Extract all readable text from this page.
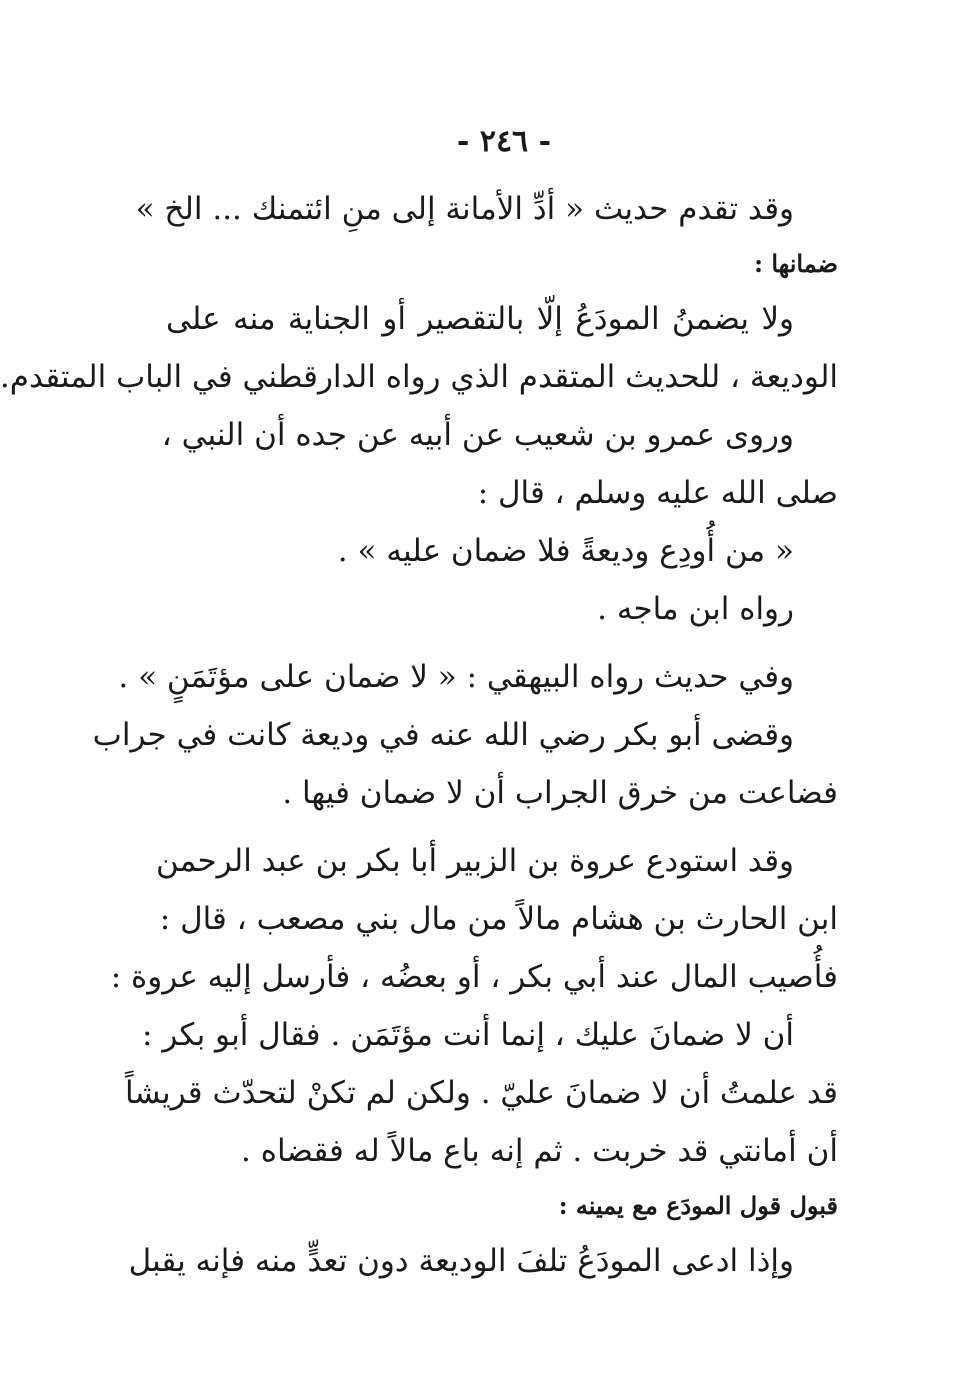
- ٢٤٦ -
وقد تقدم حديث « أدِّ الأمانة إلى منِ ائتمنك ... الخ »
ضمانها :
ولا يضمنُ المودَعُ إلّا بالتقصير أو الجناية منه على
الوديعة ، للحديث المتقدم الذي رواه الدارقطني في الباب المتقدم.
وروى عمرو بن شعيب عن أبيه عن جده أن النبي ،
صلى الله عليه وسلم ، قال :
« من أُودِع وديعةً فلا ضمان عليه » .
رواه ابن ماجه .
وفي حديث رواه البيهقي : « لا ضمان على مؤتَمَنٍ » .
وقضى أبو بكر رضي الله عنه في وديعة كانت في جراب
فضاعت من خرق الجراب أن لا ضمان فيها .
وقد استودع عروة بن الزبير أبا بكر بن عبد الرحمن
ابن الحارث بن هشام مالاً من مال بني مصعب ، قال :
فأُصيب المال عند أبي بكر ، أو بعضُه ، فأرسل إليه عروة :
أن لا ضمانَ عليك ، إنما أنت مؤتَمَن . فقال أبو بكر :
قد علمتُ أن لا ضمانَ عليّ . ولكن لم تكنْ لتحدّث قريشاً
أن أمانتي قد خربت . ثم إنه باع مالاً له فقضاه .
قبول قول المودَع مع يمينه :
وإذا ادعى المودَعُ تلفَ الوديعة دون تعدٍّ منه فإنه يقبل
